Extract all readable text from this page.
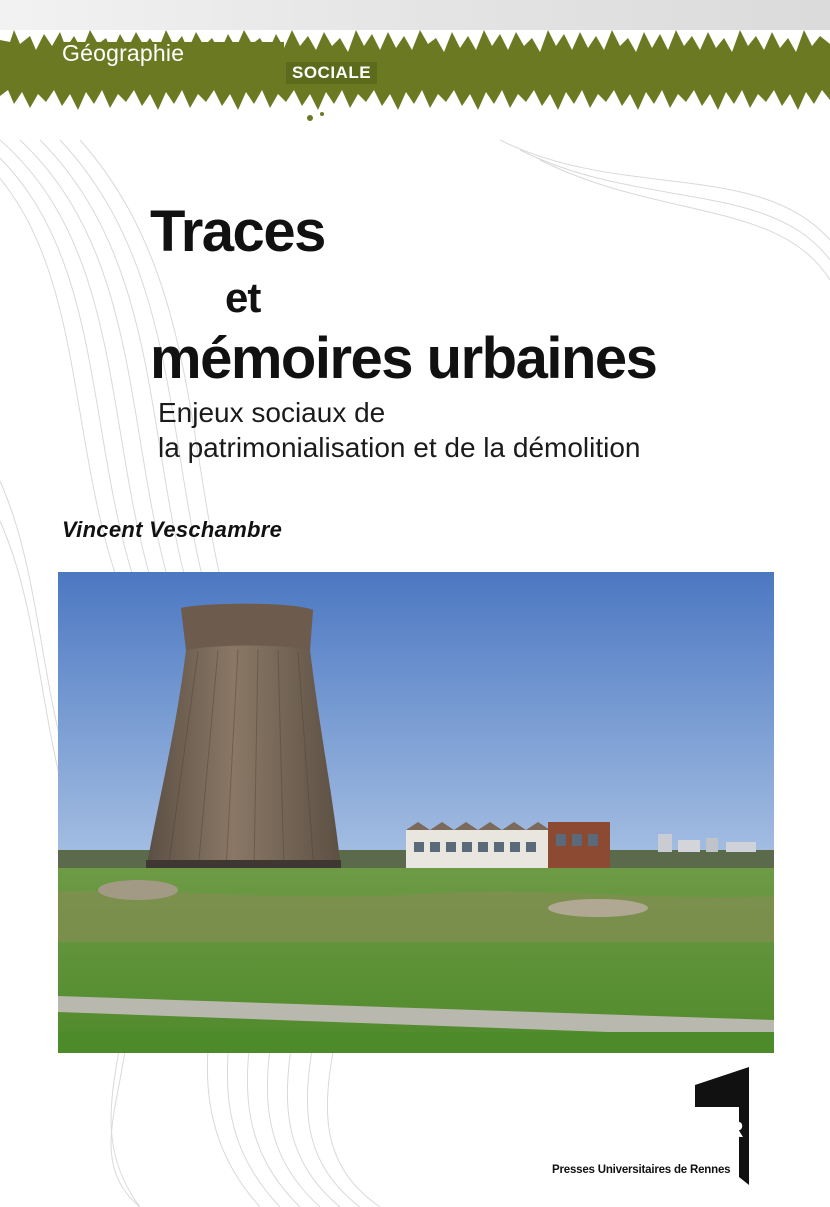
Géographie
SOCIALE
Traces
et
mémoires urbaines
Enjeux sociaux de
la patrimonialisation et de la démolition
Vincent Veschambre
PUR
Presses Universitaires de Rennes
